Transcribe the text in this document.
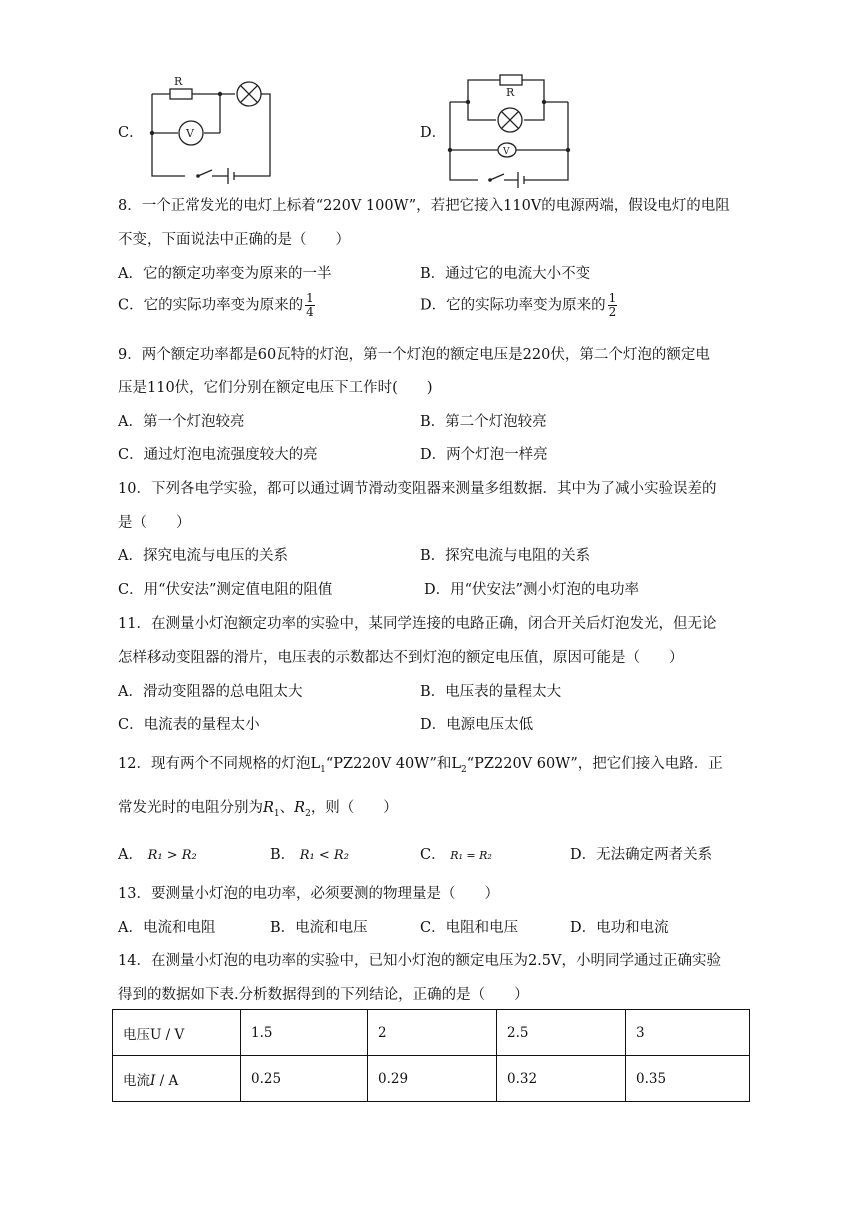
C．
R
V	D．
R
V
8．一个正常发光的电灯上标着“220V 100W”，若把它接入110V的电源两端，假设电灯的电阻
不变，下面说法中正确的是（　　）
A．它的额定功率变为原来的一半	B．通过它的电流大小不变
C．它的实际功率变为原来的 $\frac{1}{4}$	D．它的实际功率变为原来的 $\frac{1}{2}$
9．两个额定功率都是60瓦特的灯泡，第一个灯泡的额定电压是220伏，第二个灯泡的额定电
压是110伏，它们分别在额定电压下工作时(　　)
A．第一个灯泡较亮	B．第二个灯泡较亮
C．通过灯泡电流强度较大的亮	D．两个灯泡一样亮
10．下列各电学实验，都可以通过调节滑动变阻器来测量多组数据．其中为了减小实验误差的
是（　　）
A．探究电流与电压的关系	B．探究电流与电阻的关系
C．用“伏安法”测定值电阻的阻值	D．用“伏安法”测小灯泡的电功率
11．在测量小灯泡额定功率的实验中，某同学连接的电路正确，闭合开关后灯泡发光，但无论
怎样移动变阻器的滑片，电压表的示数都达不到灯泡的额定电压值，原因可能是（　　）
A．滑动变阻器的总电阻太大	B．电压表的量程太大
C．电流表的量程太小	D．电源电压太低
12．现有两个不同规格的灯泡$L_1“PZ220V$ 40W”和$L_2“PZ220V$ 60W”，把它们接入电路．正
常发光时的电阻分别为$R_1$、$R_2$，则（　　）
A． R₁ > R₂	B． R₁ < R₂	C． R₁ = R₂	D．无法确定两者关系
13．要测量小灯泡的电功率，必须要测的物理量是（　　）
A．电流和电阻	B．电流和电压	C．电阻和电压	D．电功和电流
14．在测量小灯泡的电功率的实验中，已知小灯泡的额定电压为2.5V，小明同学通过正确实验
得到的数据如下表.分析数据得到的下列结论，正确的是（　　）
电压U / V	1.5	2	2.5	3
电流I / A	0.25	0.29	0.32	0.35
